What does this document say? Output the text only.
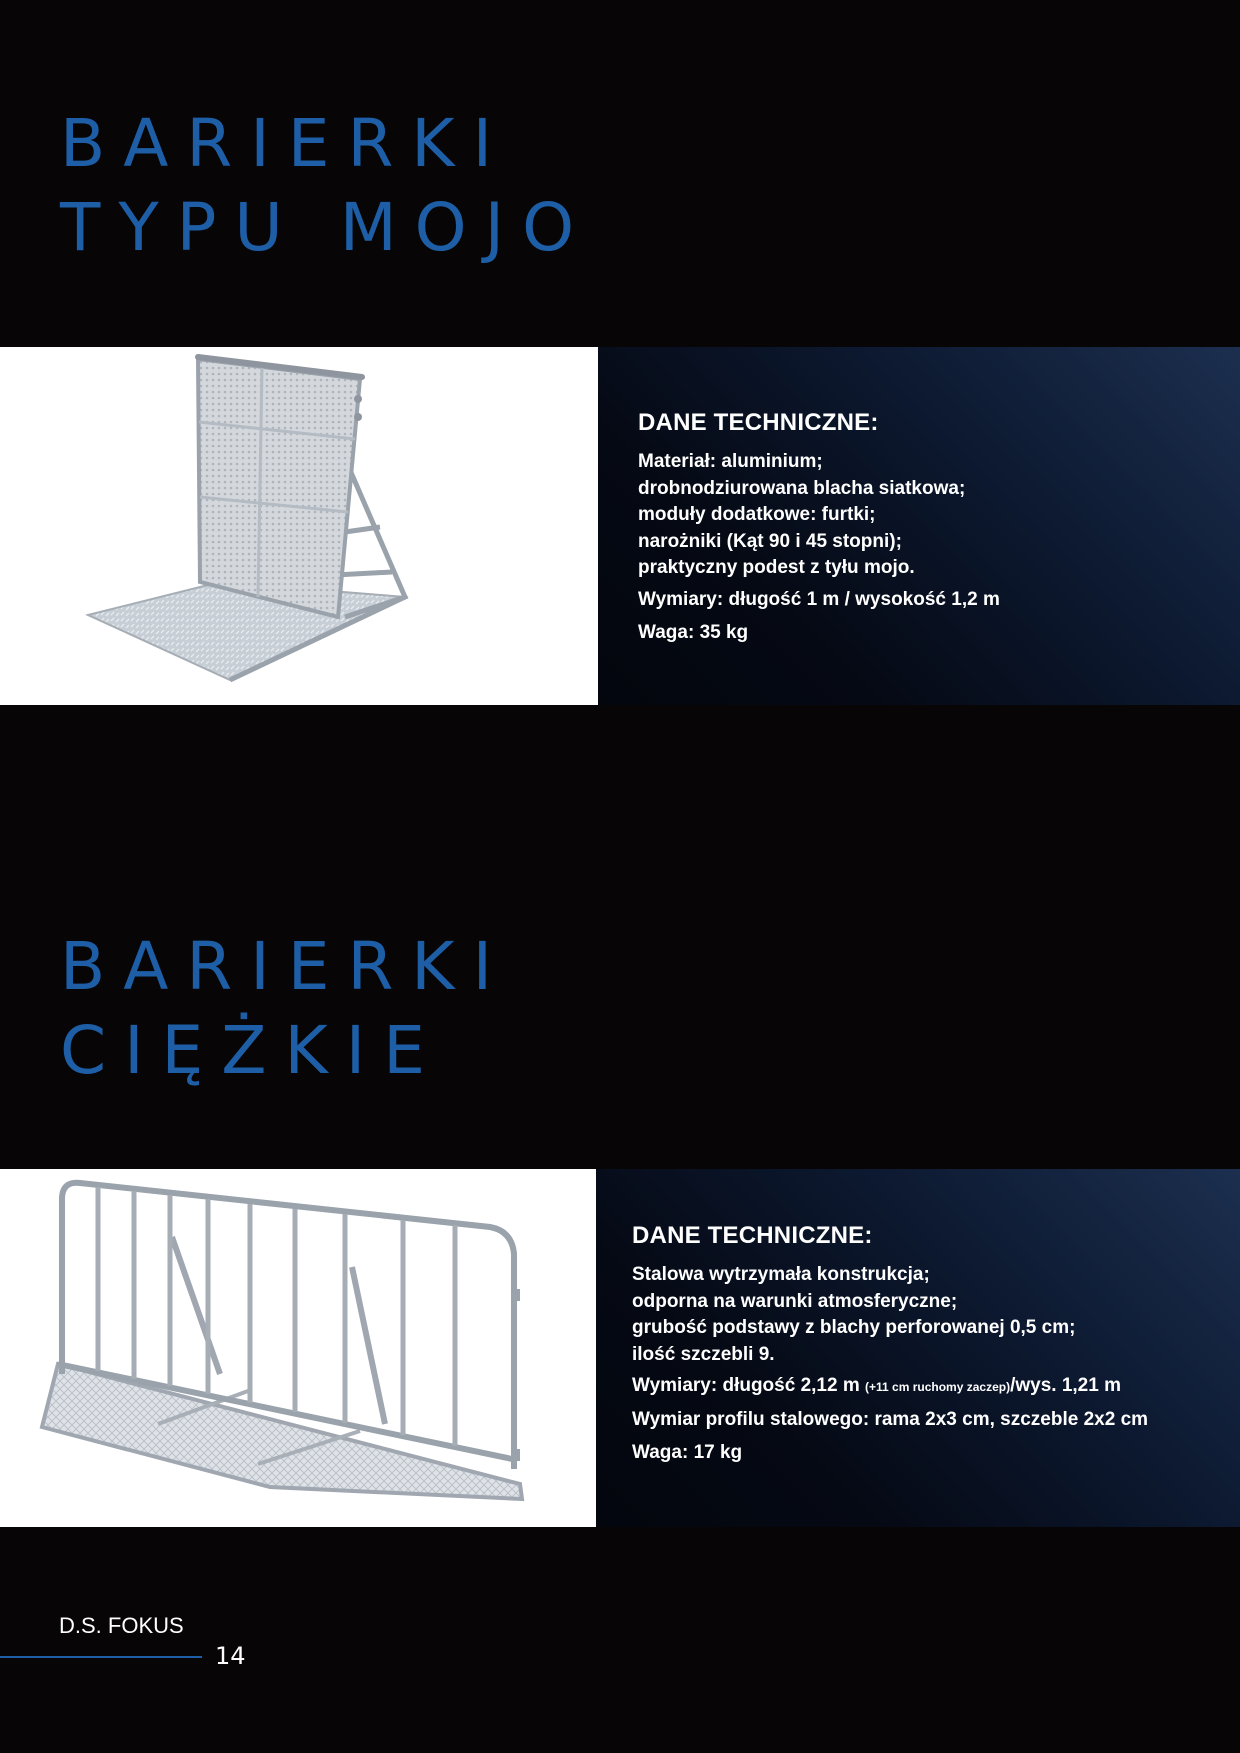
BARIERKI
TYPU MOJO
DANE TECHNICZNE:

Materiał: aluminium;
drobnodziurowana blacha siatkowa;
moduły dodatkowe: furtki;
narożniki (Kąt 90 i 45 stopni);
praktyczny podest z tyłu mojo.

Wymiary: długość 1 m / wysokość 1,2 m

Waga: 35 kg

BARIERKI
CIĘŻKIE
DANE TECHNICZNE:

Stalowa wytrzymała konstrukcja;
odporna na warunki atmosferyczne;
grubość podstawy z blachy perforowanej 0,5 cm;
ilość szczebli 9.

Wymiary: długość 2,12 m (+11 cm ruchomy zaczep)/wys. 1,21 m

Wymiar profilu stalowego: rama 2x3 cm, szczeble 2x2 cm

Waga: 17 kg

D.S. FOKUS

14
